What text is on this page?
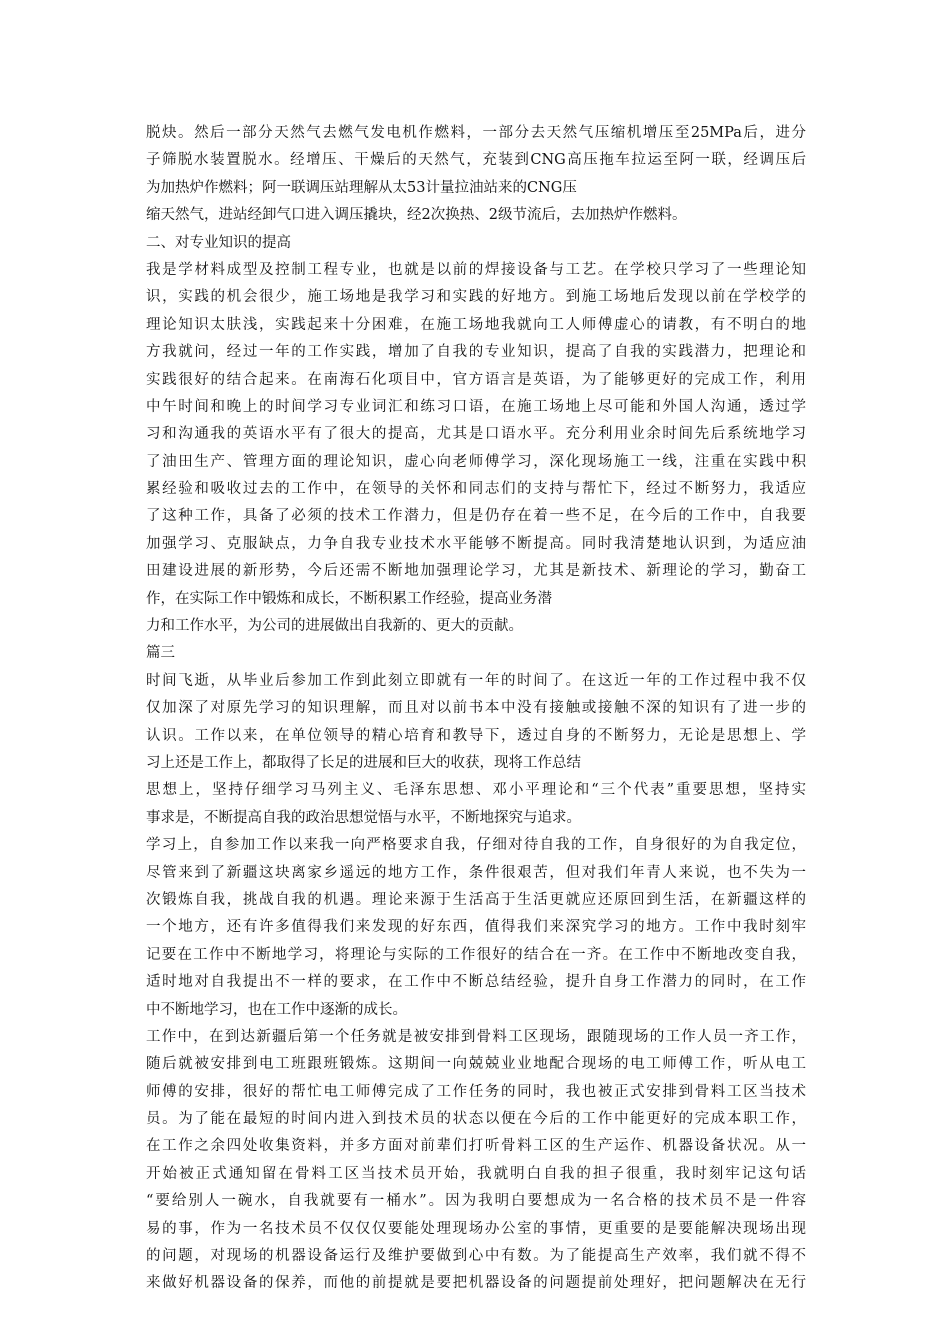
脱炔。然后一部分天然气去燃气发电机作燃料，一部分去天然气压缩机增压至25MPa后，进分
子筛脱水装置脱水。经增压、干燥后的天然气，充装到CNG高压拖车拉运至阿一联，经调压后
为加热炉作燃料；阿一联调压站理解从太53计量拉油站来的CNG压
缩天然气，进站经卸气口进入调压撬块，经2次换热、2级节流后，去加热炉作燃料。
二、对专业知识的提高
我是学材料成型及控制工程专业，也就是以前的焊接设备与工艺。在学校只学习了一些理论知
识，实践的机会很少，施工场地是我学习和实践的好地方。到施工场地后发现以前在学校学的
理论知识太肤浅，实践起来十分困难，在施工场地我就向工人师傅虚心的请教，有不明白的地
方我就问，经过一年的工作实践，增加了自我的专业知识，提高了自我的实践潜力，把理论和
实践很好的结合起来。在南海石化项目中，官方语言是英语，为了能够更好的完成工作，利用
中午时间和晚上的时间学习专业词汇和练习口语，在施工场地上尽可能和外国人沟通，透过学
习和沟通我的英语水平有了很大的提高，尤其是口语水平。充分利用业余时间先后系统地学习
了油田生产、管理方面的理论知识，虚心向老师傅学习，深化现场施工一线，注重在实践中积
累经验和吸收过去的工作中，在领导的关怀和同志们的支持与帮忙下，经过不断努力，我适应
了这种工作，具备了必须的技术工作潜力，但是仍存在着一些不足，在今后的工作中，自我要
加强学习、克服缺点，力争自我专业技术水平能够不断提高。同时我清楚地认识到，为适应油
田建设进展的新形势，今后还需不断地加强理论学习，尤其是新技术、新理论的学习，勤奋工
作，在实际工作中锻炼和成长，不断积累工作经验，提高业务潜
力和工作水平，为公司的进展做出自我新的、更大的贡献。
篇三
时间飞逝，从毕业后参加工作到此刻立即就有一年的时间了。在这近一年的工作过程中我不仅
仅加深了对原先学习的知识理解，而且对以前书本中没有接触或接触不深的知识有了进一步的
认识。工作以来，在单位领导的精心培育和教导下，透过自身的不断努力，无论是思想上、学
习上还是工作上，都取得了长足的进展和巨大的收获，现将工作总结
思想上，坚持仔细学习马列主义、毛泽东思想、邓小平理论和“三个代表”重要思想，坚持实
事求是，不断提高自我的政治思想觉悟与水平，不断地探究与追求。
学习上，自参加工作以来我一向严格要求自我，仔细对待自我的工作，自身很好的为自我定位，
尽管来到了新疆这块离家乡遥远的地方工作，条件很艰苦，但对我们年青人来说，也不失为一
次锻炼自我，挑战自我的机遇。理论来源于生活高于生活更就应还原回到生活，在新疆这样的
一个地方，还有许多值得我们来发现的好东西，值得我们来深究学习的地方。工作中我时刻牢
记要在工作中不断地学习，将理论与实际的工作很好的结合在一齐。在工作中不断地改变自我，
适时地对自我提出不一样的要求，在工作中不断总结经验，提升自身工作潜力的同时，在工作
中不断地学习，也在工作中逐渐的成长。
工作中，在到达新疆后第一个任务就是被安排到骨料工区现场，跟随现场的工作人员一齐工作，
随后就被安排到电工班跟班锻炼。这期间一向兢兢业业地配合现场的电工师傅工作，听从电工
师傅的安排，很好的帮忙电工师傅完成了工作任务的同时，我也被正式安排到骨料工区当技术
员。为了能在最短的时间内进入到技术员的状态以便在今后的工作中能更好的完成本职工作，
在工作之余四处收集资料，并多方面对前辈们打听骨料工区的生产运作、机器设备状况。从一
开始被正式通知留在骨料工区当技术员开始，我就明白自我的担子很重，我时刻牢记这句话
“要给别人一碗水，自我就要有一桶水”。因为我明白要想成为一名合格的技术员不是一件容
易的事，作为一名技术员不仅仅仅要能处理现场办公室的事情，更重要的是要能解决现场出现
的问题，对现场的机器设备运行及维护要做到心中有数。为了能提高生产效率，我们就不得不
来做好机器设备的保养，而他的前提就是要把机器设备的问题提前处理好，把问题解决在无行
